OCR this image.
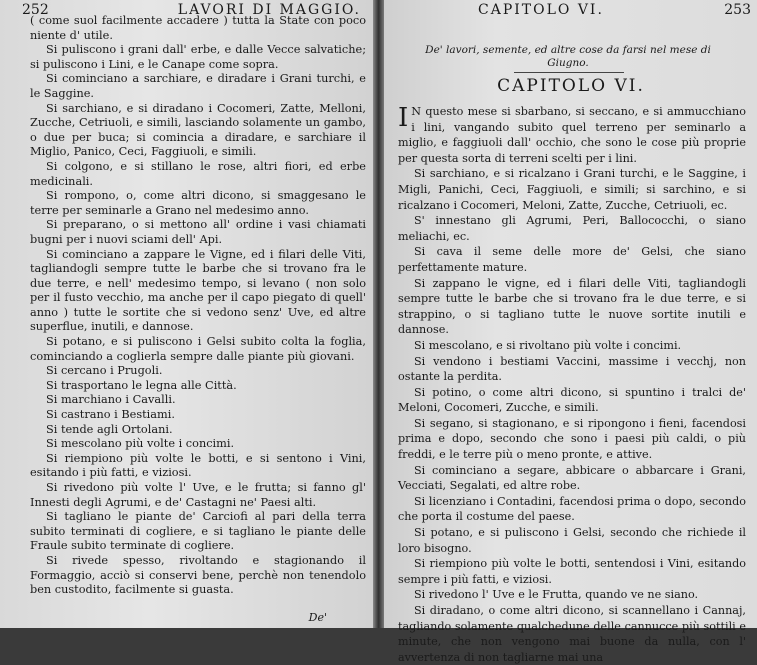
252	LAVORI DI MAGGIO.

( come suol facilmente accadere ) tutta la State con poco niente d' utile.

Si puliscono i grani dall' erbe, e dalle Vecce salvatiche; si puliscono i Lini, e le Canape come sopra.

Si cominciano a sarchiare, e diradare i Grani turchi, e le Saggine.

Si sarchiano, e si diradano i Cocomeri, Zatte, Melloni, Zucche, Cetriuoli, e simili, lasciando solamente un gambo, o due per buca; si comincia a diradare, e sarchiare il Miglio, Panico, Ceci, Faggiuoli, e simili.

Si colgono, e si stillano le rose, altri fiori, ed erbe medicinali.

Si rompono, o, come altri dicono, si smaggesano le terre per seminarle a Grano nel medesimo anno.

Si preparano, o si mettono all' ordine i vasi chiamati bugni per i nuovi sciami dell' Api.

Si cominciano a zappare le Vigne, ed i filari delle Viti, tagliandogli sempre tutte le barbe che si trovano fra le due terre, e nell' medesimo tempo, si levano ( non solo per il fusto vecchio, ma anche per il capo piegato di quell' anno ) tutte le sortite che si vedono senz' Uve, ed altre superflue, inutili, e dannose.

Si potano, e si puliscono i Gelsi subito colta la foglia, cominciando a coglierla sempre dalle piante più giovani.

Si cercano i Prugoli.

Si trasportano le legna alle Città.

Si marchiano i Cavalli.

Si castrano i Bestiami.

Si tende agli Ortolani.

Si mescolano più volte i concimi.

Si riempiono più volte le botti, e si sentono i Vini, esitando i più fatti, e viziosi.

Si rivedono più volte l' Uve, e le frutta; si fanno gl' Innesti degli Agrumi, e de' Castagni ne' Paesi alti.

Si tagliano le piante de' Carciofi al pari della terra subito terminati di cogliere, e si tagliano le piante delle Fraule subito terminate di cogliere.

Si rivede spesso, rivoltando e stagionando il Formaggio, acciò si conservi bene, perchè non tenendolo ben custodito, facilmente si guasta.

De'
CAPITOLO VI.	253
De' lavori, semente, ed altre cose da farsi nel mese di Giugno.
CAPITOLO VI.

I N questo mese si sbarbano, si seccano, e si ammucchiano i lini, vangando subito quel terreno per seminarlo a miglio, e faggiuoli dall' occhio, che sono le cose più proprie per questa sorta di terreni scelti per i lini.

Si sarchiano, e si ricalzano i Grani turchi, e le Saggine, i Migli, Panichi, Ceci, Faggiuoli, e simili; si sarchino, e si ricalzano i Cocomeri, Meloni, Zatte, Zucche, Cetriuoli, ec.

S' innestano gli Agrumi, Peri, Ballococchi, o siano meliachi, ec.

Si cava il seme delle more de' Gelsi, che siano perfettamente mature.

Si zappano le vigne, ed i filari delle Viti, tagliandogli sempre tutte le barbe che si trovano fra le due terre, e si strappino, o si tagliano tutte le nuove sortite inutili e dannose.

Si mescolano, e si rivoltano più volte i concimi.

Si vendono i bestiami Vaccini, massime i vecchj, non ostante la perdita.

Si potino, o come altri dicono, si spuntino i tralci de' Meloni, Cocomeri, Zucche, e simili.

Si segano, si stagionano, e si ripongono i fieni, facendosi prima e dopo, secondo che sono i paesi più caldi, o più freddi, e le terre più o meno pronte, e attive.

Si cominciano a segare, abbicare o abbarcare i Grani, Vecciati, Segalati, ed altre robe.

Si licenziano i Contadini, facendosi prima o dopo, secondo che porta il costume del paese.

Si potano, e si puliscono i Gelsi, secondo che richiede il loro bisogno.

Si riempiono più volte le botti, sentendosi i Vini, esitando sempre i più fatti, e viziosi.

Si rivedono l' Uve e le Frutta, quando ve ne siano.

Si diradano, o come altri dicono, si scannellano i Cannaj, tagliando solamente qualchedune delle cannucce più sottili e minute, che non vengono mai buone da nulla, con l' avvertenza di non tagliarne mai una
